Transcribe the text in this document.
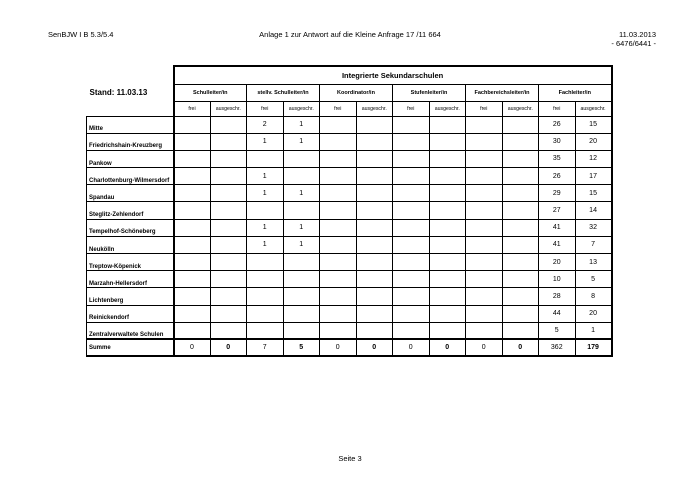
Anlage 1 zur Antwort auf die Kleine Anfrage 17 /11 664
SenBJW I B 5.3/5.4	11.03.2013
- 6476/6441 -
	Integrierte Sekundarschulen											
Stand: 11.03.13	Schulleiter/in		stellv. Schulleiter/in		Koordinator/in		Stufenleiter/in		Fachbereichsleiter/in		Fachleiter/in	
	frei	ausgeschr.	frei	ausgeschr.	frei	ausgeschr.	frei	ausgeschr.	frei	ausgeschr.	frei	ausgeschr.
Mitte			2	1							26	15
Friedrichshain-Kreuzberg			1	1							30	20
Pankow											35	12
Charlottenburg-Wilmersdorf			1								26	17
Spandau			1	1							29	15
Steglitz-Zehlendorf											27	14
Tempelhof-Schöneberg			1	1							41	32
Neukölln			1	1							41	7
Treptow-Köpenick											20	13
Marzahn-Hellersdorf											10	5
Lichtenberg											28	8
Reinickendorf											44	20
Zentralverwaltete Schulen											5	1
Summe	0	0	7	5	0	0	0	0	0	0	362	179
Seite 3
